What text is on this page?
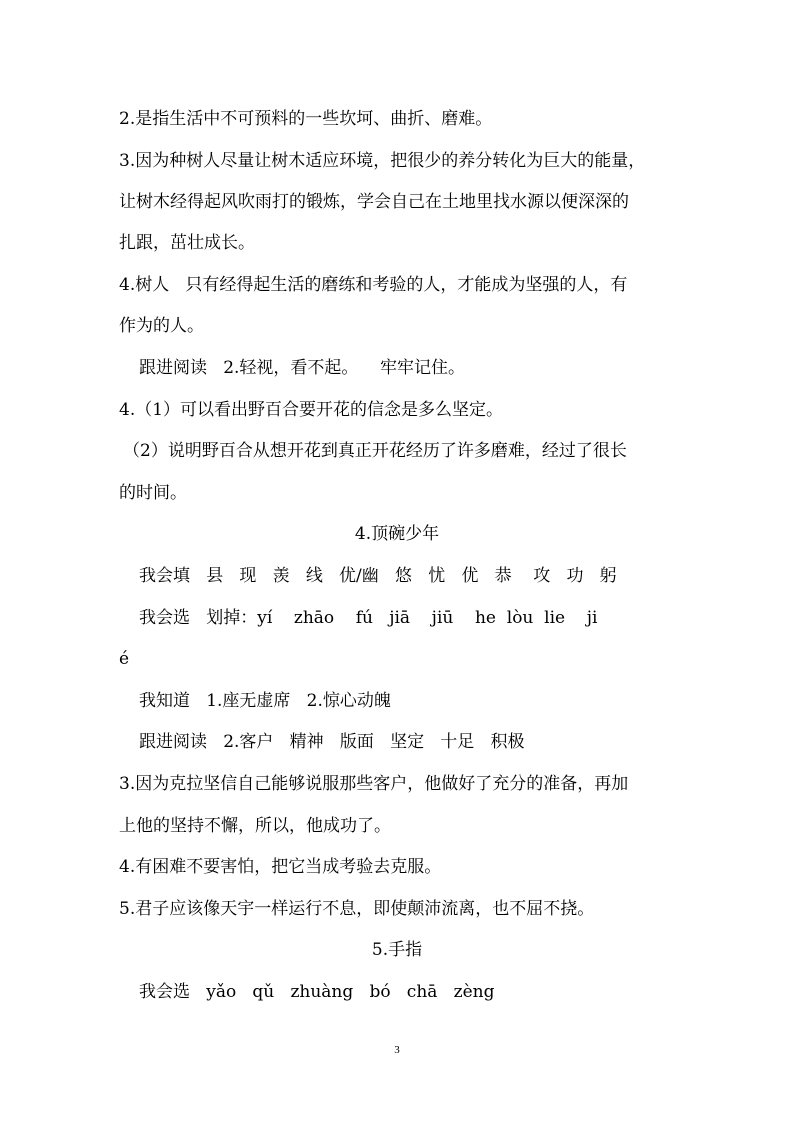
2.是指生活中不可预料的一些坎坷、曲折、磨难。
3.因为种树人尽量让树木适应环境，把很少的养分转化为巨大的能量，
让树木经得起风吹雨打的锻炼，学会自己在土地里找水源以便深深的
扎跟，茁壮成长。
4.树人   只有经得起生活的磨练和考验的人，才能成为坚强的人，有
作为的人。
跟进阅读   2.轻视，看不起。    牢牢记住。
4.（1）可以看出野百合要开花的信念是多么坚定。
（2）说明野百合从想开花到真正开花经历了许多磨难，经过了很长
的时间。
4.顶碗少年
我会填   县   现   羡   线   优/幽   悠   忧   优   恭    攻   功   躬
我会选   划掉：yí    zhāo    fú   jiā    jiū    he  lòu  lie    ji
é
我知道   1.座无虚席   2.惊心动魄
跟进阅读   2.客户   精神   版面   坚定   十足   积极
3.因为克拉坚信自己能够说服那些客户，他做好了充分的准备，再加
上他的坚持不懈，所以，他成功了。
4.有困难不要害怕，把它当成考验去克服。
5.君子应该像天宇一样运行不息，即使颠沛流离，也不屈不挠。
5.手指
我会选   yǎo   qǔ   zhuàng   bó   chā   zèng
3
